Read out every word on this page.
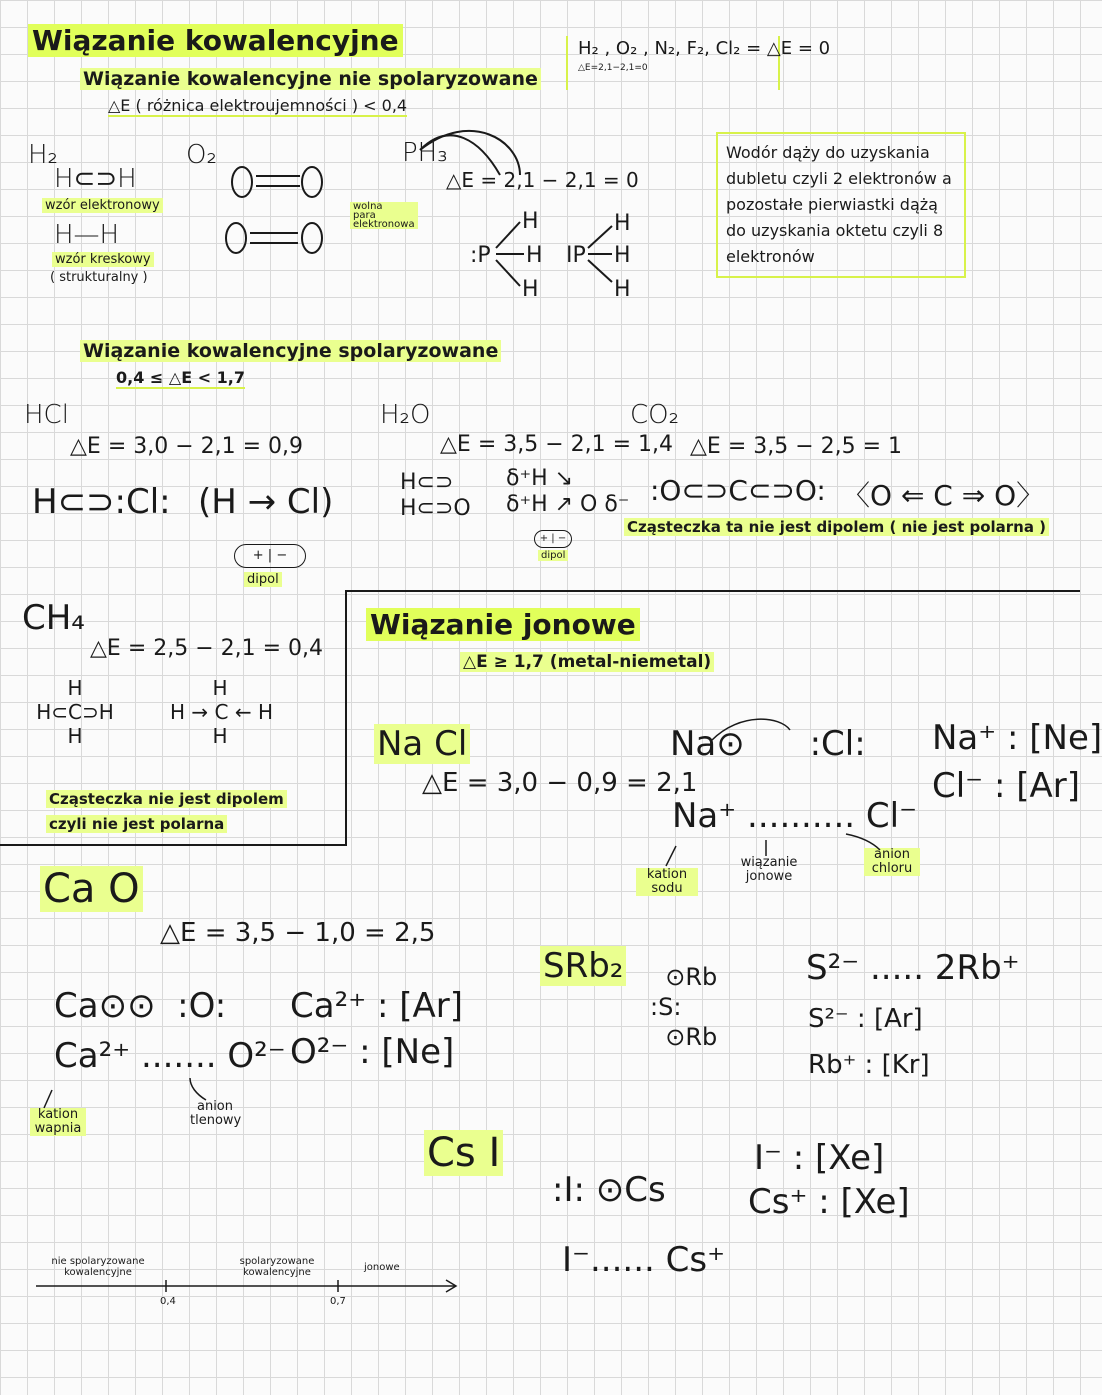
Wiązanie kowalencyjne
Wiązanie kowalencyjne nie spolaryzowane
△E ( różnica elektroujemności ) < 0,4
H₂ , O₂ , N₂, F₂, Cl₂ = △E = 0
△E=2,1−2,1=0
H₂
H⊂⊃H
wzór elektronowy
H—H
wzór kreskowy
( strukturalny )
O₂
wolna
para
elektronowa
PH₃
△E = 2,1 − 2,1 = 0
Wodór dąży do uzyskania dubletu czyli 2 elektronów a pozostałe pierwiastki dążą do uzyskania oktetu czyli 8 elektronów
Wiązanie kowalencyjne spolaryzowane
0,4 ≤ △E < 1,7
HCl
△E = 3,0 − 2,1 = 0,9
H⊂⊃:Cl: (H → Cl)
+ | −
dipol
H₂O
△E = 3,5 − 2,1 = 1,4
H⊂⊃
H⊂⊃O
δ⁺H ↘
δ⁺H ↗ O δ⁻
+ | −
dipol
CO₂
△E = 3,5 − 2,5 = 1
:O⊂⊃C⊂⊃O: 〈O ⇐ C ⇒ O〉
Cząsteczka ta nie jest dipolem ( nie jest polarna )
CH₄
△E = 2,5 − 2,1 = 0,4
H
H⊂C⊃H
H
H
H → C ← H
H
Cząsteczka nie jest dipolem
czyli nie jest polarna
Wiązanie jonowe
△E ≥ 1,7 (metal-niemetal)
Na Cl
△E = 3,0 − 0,9 = 2,1
Na⊙      :Cl:
Na⁺ .......... Cl⁻
kation sodu
wiązanie jonowe
anion chloru
Na⁺ : [Ne]
Cl⁻ : [Ar]
Ca O
△E = 3,5 − 1,0 = 2,5
Ca⊙⊙  :O:
Ca²⁺ ....... O²⁻
kation wapnia
anion tlenowy
Ca²⁺ : [Ar]
O²⁻ : [Ne]
SRb₂ ⊙Rb
:S:
⊙Rb
S²⁻ ..... 2Rb⁺
S²⁻ : [Ar]
Rb⁺ : [Kr]
Cs I
:I: ⊙Cs
I⁻...... Cs⁺
I⁻ : [Xe]
Cs⁺ : [Xe]
nie spolaryzowane
kowalencyjne
spolaryzowane
kowalencyjne	jonowe
0,4	0,7
:P
H
H
H
IP
H
H
H
